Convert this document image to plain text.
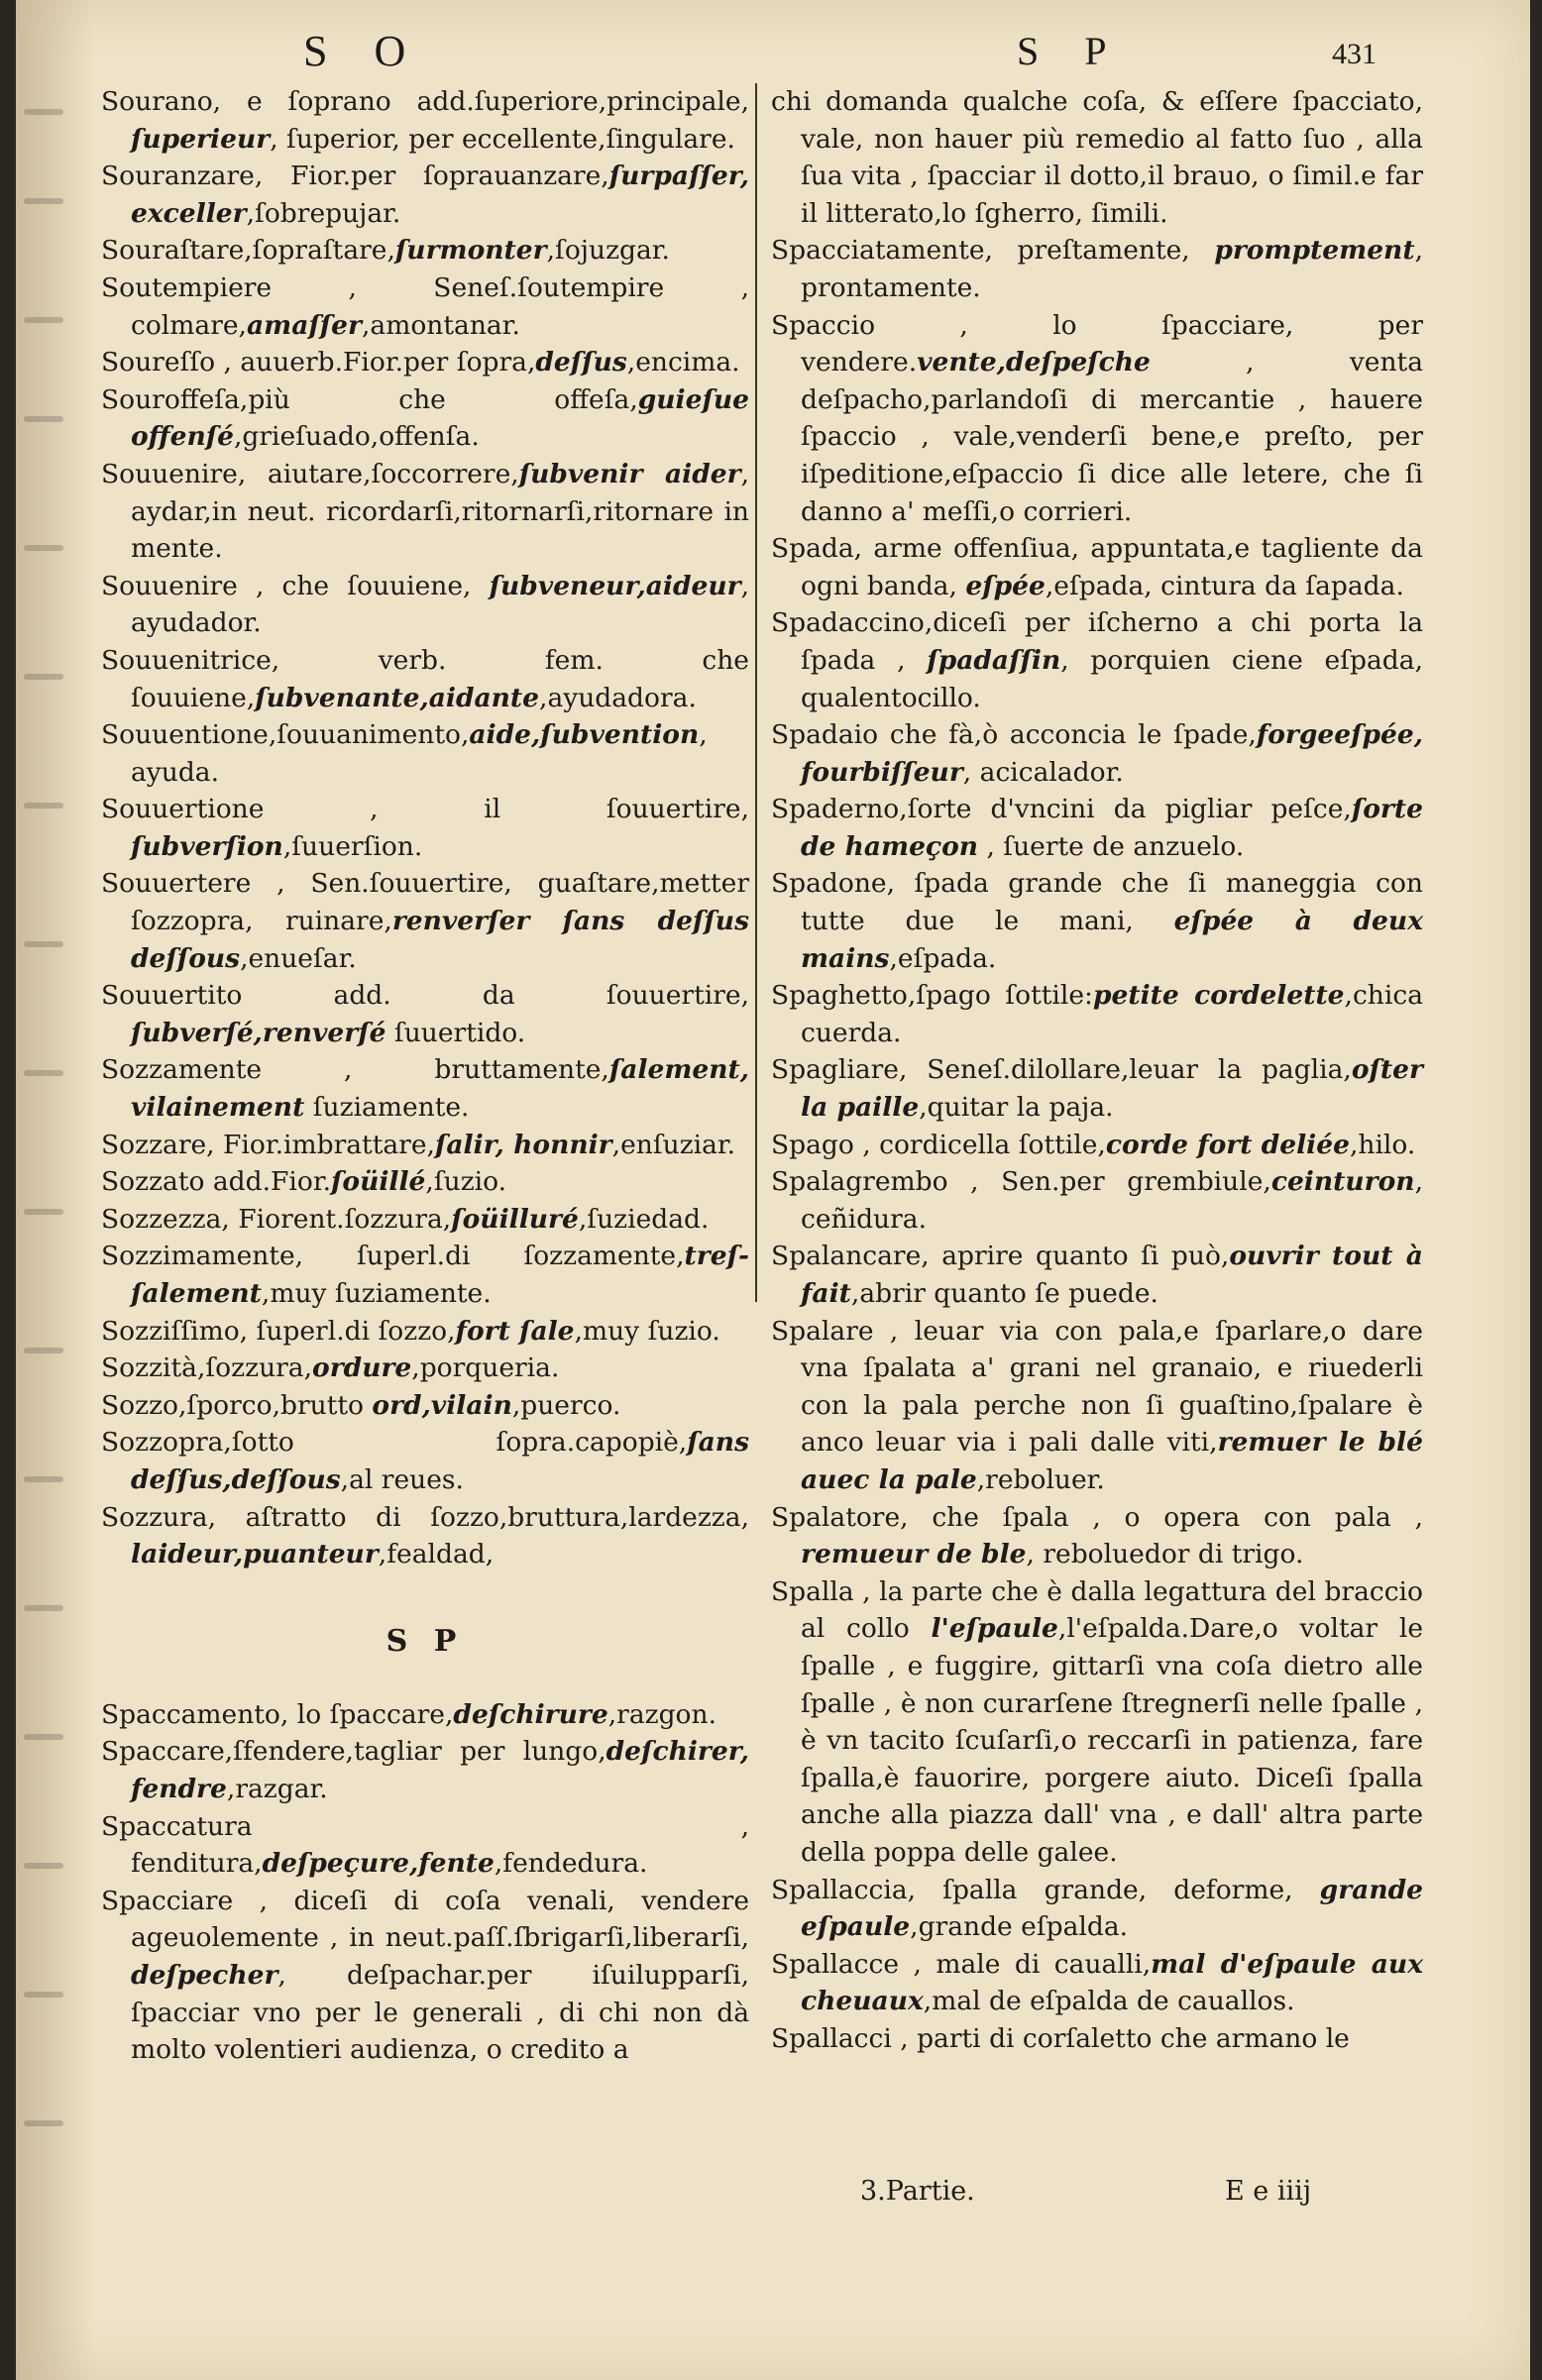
S O	S P	431

Sourano, e ſoprano add.ſuperiore,principale, ſuperieur, ſuperior, per eccellente,ſingulare.

Souranzare, Fior.per ſoprauanzare,ſurpaſſer, exceller,ſobrepujar.

Souraſtare,ſopraſtare,ſurmonter,ſojuzgar.

Soutempiere , Seneſ.ſoutempire , colmare,amaſſer,amontanar.

Soureſſo , auuerb.Fior.per ſopra,deſſus,encima.

Souroffeſa,più che offeſa,guieſue offenſé,grieſuado,offenſa.

Souuenire, aiutare,ſoccorrere,ſubvenir aider, aydar,in neut. ricordarſi,ritornarſi,ritornare in mente.

Souuenire , che ſouuiene, ſubveneur,aideur, ayudador.

Souuenitrice, verb. fem. che ſouuiene,ſubvenante,aidante,ayudadora.

Souuentione,ſouuanimento,aide,ſubvention, ayuda.

Souuertione , il ſouuertire, ſubverſion,ſuuerſion.

Souuertere , Sen.ſouuertire, guaſtare,metter ſozzopra, ruinare,renverſer ſans deſſus deſſous,enueſar.

Souuertito add. da ſouuertire, ſubverſé,renverſé ſuuertido.

Sozzamente , bruttamente,ſalement, vilainement ſuziamente.

Sozzare, Fior.imbrattare,ſalir, honnir,enſuziar.

Sozzato add.Fior.ſoüillé,ſuzio.

Sozzezza, Fiorent.ſozzura,ſoüilluré,ſuziedad.

Sozzimamente, ſuperl.di ſozzamente,treſ-ſalement,muy ſuziamente.

Sozziſſimo, ſuperl.di ſozzo,fort ſale,muy ſuzio.

Sozzità,ſozzura,ordure,porqueria.

Sozzo,ſporco,brutto ord,vilain,puerco.

Sozzopra,ſotto ſopra.capopiè,ſans deſſus,deſſous,al reues.

Sozzura, aſtratto di ſozzo,bruttura,lardezza, laideur,puanteur,fealdad,

S P

Spaccamento, lo ſpaccare,deſchirure,razgon.

Spaccare,ſfendere,tagliar per lungo,deſchirer, fendre,razgar.

Spaccatura , fenditura,deſpeçure,fente,fendedura.

Spacciare , diceſi di coſa venali, vendere ageuolemente , in neut.paſſ.ſbrigarſi,liberarſi, deſpecher, deſpachar.per iſuilupparſi, ſpacciar vno per le generali , di chi non dà molto volentieri audienza, o credito a

chi domanda qualche coſa, & eſſere ſpacciato, vale, non hauer più remedio al fatto ſuo , alla ſua vita , ſpacciar il dotto,il brauo, o ſimil.e far il litterato,lo ſgherro, ſimili.

Spacciatamente, preſtamente, promptement, prontamente.

Spaccio , lo ſpacciare, per vendere.vente,deſpeſche , venta deſpacho,parlandoſi di mercantie , hauere ſpaccio , vale,venderſi bene,e preſto, per iſpeditione,eſpaccio ſi dice alle letere, che ſi danno a' meſſi,o corrieri.

Spada, arme offenſiua, appuntata,e tagliente da ogni banda, eſpée,eſpada, cintura da ſapada.

Spadaccino,diceſi per iſcherno a chi porta la ſpada , ſpadaſſin, porquien ciene eſpada, qualentocillo.

Spadaio che fà,ò acconcia le ſpade,forgeeſpée, fourbiſſeur, acicalador.

Spaderno,ſorte d'vncini da pigliar peſce,ſorte de hameçon , ſuerte de anzuelo.

Spadone, ſpada grande che ſi maneggia con tutte due le mani, eſpée à deux mains,eſpada.

Spaghetto,ſpago ſottile:petite cordelette,chica cuerda.

Spagliare, Seneſ.dilollare,leuar la paglia,oſter la paille,quitar la paja.

Spago , cordicella ſottile,corde fort deliée,hilo.

Spalagrembo , Sen.per grembiule,ceinturon, ceñidura.

Spalancare, aprire quanto ſi può,ouvrir tout à fait,abrir quanto ſe puede.

Spalare , leuar via con pala,e ſparlare,o dare vna ſpalata a' grani nel granaio, e riuederli con la pala perche non ſi guaſtino,ſpalare è anco leuar via i pali dalle viti,remuer le blé auec la pale,reboluer.

Spalatore, che ſpala , o opera con pala , remueur de ble, reboluedor di trigo.

Spalla , la parte che è dalla legattura del braccio al collo l'eſpaule,l'eſpalda.Dare,o voltar le ſpalle , e fuggire, gittarſi vna coſa dietro alle ſpalle , è non curarſene ſtregnerſi nelle ſpalle , è vn tacito ſcuſarſi,o reccarſi in patienza, fare ſpalla,è fauorire, porgere aiuto. Diceſi ſpalla anche alla piazza dall' vna , e dall' altra parte della poppa delle galee.

Spallaccia, ſpalla grande, deforme, grande eſpaule,grande eſpalda.

Spallacce , male di caualli,mal d'eſpaule aux cheuaux,mal de eſpalda de cauallos.

Spallacci , parti di corſaletto che armano le

3.Partie.	E e iiij
